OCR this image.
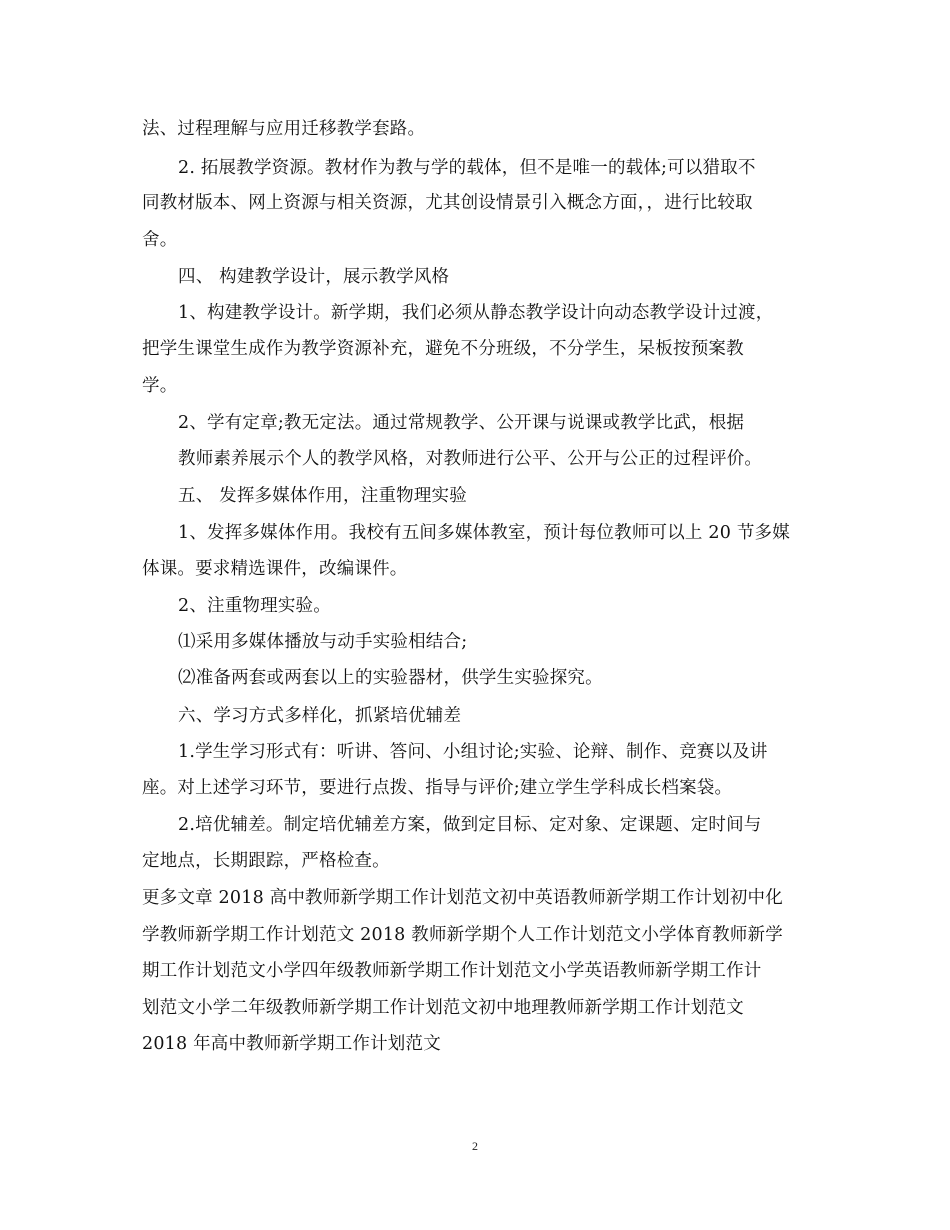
法、过程理解与应用迁移教学套路。
2. 拓展教学资源。教材作为教与学的载体，但不是唯一的载体;可以猎取不
同教材版本、网上资源与相关资源，尤其创设情景引入概念方面，，进行比较取
舍。
四、 构建教学设计，展示教学风格
1、构建教学设计。新学期，我们必须从静态教学设计向动态教学设计过渡，
把学生课堂生成作为教学资源补充，避免不分班级，不分学生，呆板按预案教
学。
2、学有定章;教无定法。通过常规教学、公开课与说课或教学比武，根据
教师素养展示个人的教学风格，对教师进行公平、公开与公正的过程评价。
五、 发挥多媒体作用，注重物理实验
1、发挥多媒体作用。我校有五间多媒体教室，预计每位教师可以上 20 节多媒
体课。要求精选课件，改编课件。
2、注重物理实验。
⑴采用多媒体播放与动手实验相结合;
⑵准备两套或两套以上的实验器材，供学生实验探究。
六、学习方式多样化，抓紧培优辅差
1.学生学习形式有：听讲、答问、小组讨论;实验、论辩、制作、竞赛以及讲
座。对上述学习环节，要进行点拨、指导与评价;建立学生学科成长档案袋。
2.培优辅差。制定培优辅差方案，做到定目标、定对象、定课题、定时间与
定地点，长期跟踪，严格检查。
更多文章 2018 高中教师新学期工作计划范文初中英语教师新学期工作计划初中化
学教师新学期工作计划范文 2018 教师新学期个人工作计划范文小学体育教师新学
期工作计划范文小学四年级教师新学期工作计划范文小学英语教师新学期工作计
划范文小学二年级教师新学期工作计划范文初中地理教师新学期工作计划范文
2018 年高中教师新学期工作计划范文
2
